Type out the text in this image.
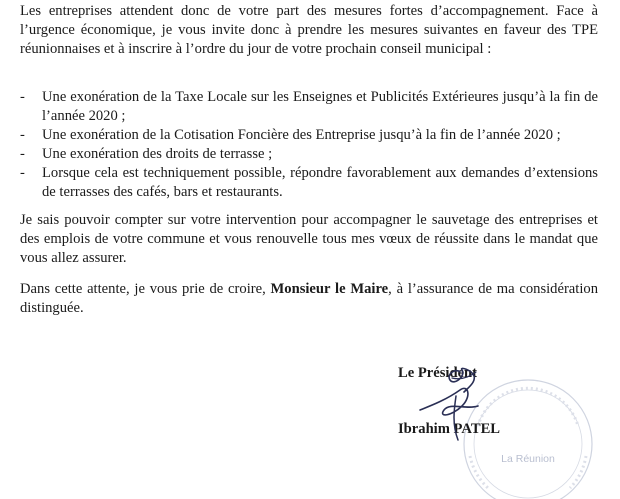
Les entreprises attendent donc de votre part des mesures fortes d’accompagnement. Face à l’urgence économique, je vous invite donc à prendre les mesures suivantes en faveur des TPE réunionnaises et à inscrire à l’ordre du jour de votre prochain conseil municipal :

- Une exonération de la Taxe Locale sur les Enseignes et Publicités Extérieures jusqu’à la fin de l’année 2020 ;
- Une exonération de la Cotisation Foncière des Entreprise jusqu’à la fin de l’année 2020 ;
- Une exonération des droits de terrasse ;
- Lorsque cela est techniquement possible, répondre favorablement aux demandes d’extensions de terrasses des cafés, bars et restaurants.

Je sais pouvoir compter sur votre intervention pour accompagner le sauvetage des entreprises et des emplois de votre commune et vous renouvelle tous mes vœux de réussite dans le mandat que vous allez assurer.

Dans cette attente, je vous prie de croire, Monsieur le Maire, à l’assurance de ma considération distinguée.

La Réunion
Le Président
Ibrahim PATEL
